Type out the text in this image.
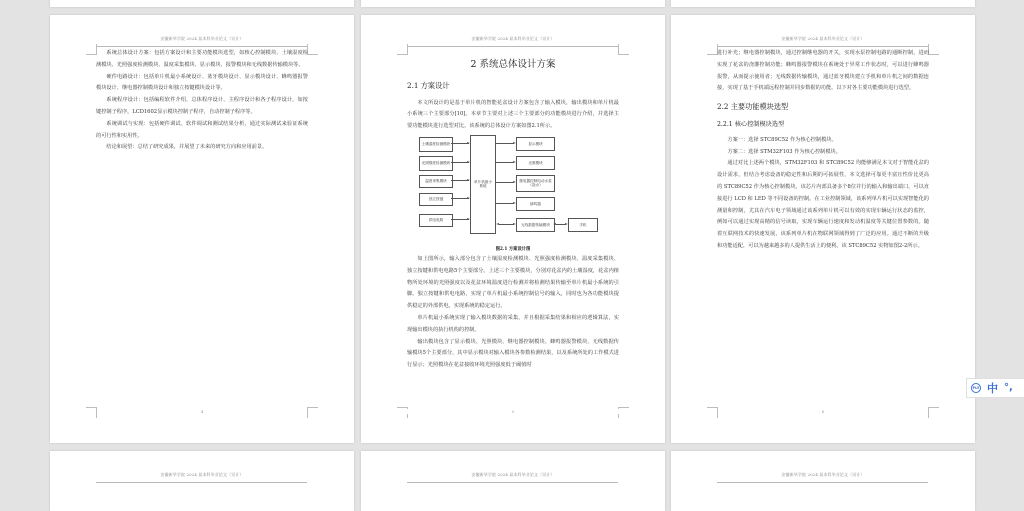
安徽新华学院 2024 届本科毕业论文（设计）

系统总体设计方案：包括方案设计和主要功能模块选型，如核心控制模块、土壤湿度检测模块、光照强度检测模块、温度采集模块、显示模块、报警模块和无线数据传输模块等。

硬件电路设计：包括单片机最小系统设计、蓝牙模块设计、显示模块设计、蜂鸣器报警模块设计、继电器控制模块设计和独立按键模块设计等。

系统程序设计：包括编程软件介绍、总体程序设计、主程序设计和各子程序设计，如按键控制子程序，LCD1602显示模块控制子程序，自动控制子程序等。

系统调试与实现：包括硬件调试、软件调试和测试结果分析，通过实际测试来验证系统的可行性和实用性。

结论和展望：总结了研究成果，并展望了未来的研究方向和应用前景。

4
安徽新华学院 2024 届本科毕业论文（设计）
2 系统总体设计方案
2.1 方案设计

本文所设计的是基于单片机的智能花盆设计方案包含了输入模块，输出模块和单片机最小系统三个主要部分[10]。本章节主要对上述三个主要部分的功能模块进行介绍，并选择主要功能模块进行选型对比，该系统的总体设计方案如图2.1所示。

土壤湿度检测模块
光照强度检测模块
温度采集模块
独立按键
供电电路
单片机最小系统
显示模块
光照模块
继电器控制电动水泵（浇水）
蜂鸣器
无线数据传输模块	手机
图2.1 方案设计图

如上图所示，输入部分包含了土壤湿度检测模块、光照强度检测模块、温度采集模块、独立按键和供电电路5个主要部分。上述三个主要模块，分别对花盆内的土壤湿度，花盆内植物所处环境的光照强度以及花盆环境温度进行检测并将检测结果传输至单片机最小系统的引脚。独立按键和供电电路，实现了单片机最小系统控制信号的输入，同时也为各功能模块提供稳定的外部供电，实现系统的稳定运行。

单片机最小系统实现了输入模块数据的采集，并且根据采集结果和相应的逻辑算法，实现输出模块的执行机构的控制。

输出模块包含了显示模块、光照模块、继电器控制模块、蜂鸣器报警模块、无线数据传输模块5个主要部分，其中显示模块对输入模块各参数检测结果，以及系统所处的工作模式进行显示；光照模块在花盆接收环境光照强度低于阈值时

5
安徽新华学院 2024 届本科毕业论文（设计）

进行补光；继电器控制模块，通过控制继电器的开关，实现水泵控制电路的通断控制，进而实现了花盆的浇灌控制功能；蜂鸣器报警模块在系统处于异常工作状态时，可以进行蜂鸣器报警，从而提示使用者；无线数据传输模块，通过蓝牙模块建立手机和单片机之间的数据连接，实现了基于手机端远程控制并同步数据的功能。以下对各主要功能模块进行选型。

2.2 主要功能模块选型
2.2.1 核心控制模块选型

方案一：选择 STC89C52 作为核心控制模块。

方案二：选择 STM32F103 作为核心控制模块。

通过对比上述两个模块，STM32F103 和 STC89C52 均能够满足本文对于智能花盆的设计需求，但结合考虑设备的稳定性和后期的可拓展性，本文选择可靠更丰富且性价比更高的 STC89C52 作为核心控制模块。该芯片内部具备多个8位并行的输入和输出端口，可以直接进行 LCD 和 LED 等不同设备的控制。在工业控制领域，该系列单片机可以实现智能化的测量和控制，尤其在汽车电子领域通过该系列单片机可以有效的实现车辆运行状态的监控，例如可以通过实现高精的信号读取，实现车辆运行速度和发动机温度等关键位置参数的。随着互联网技术的快速发展，该系列单片机在物联网领域得到了广泛的应用。通过不断的升级和功能适配，可以为越来越多的人提供生活上的便利。该 STC89C52 实物如图2-2所示。

6
安徽新华学院 2024 届本科毕业论文（设计）	安徽新华学院 2024 届本科毕业论文（设计）	安徽新华学院 2024 届本科毕业论文（设计）
PLY 中 °,
